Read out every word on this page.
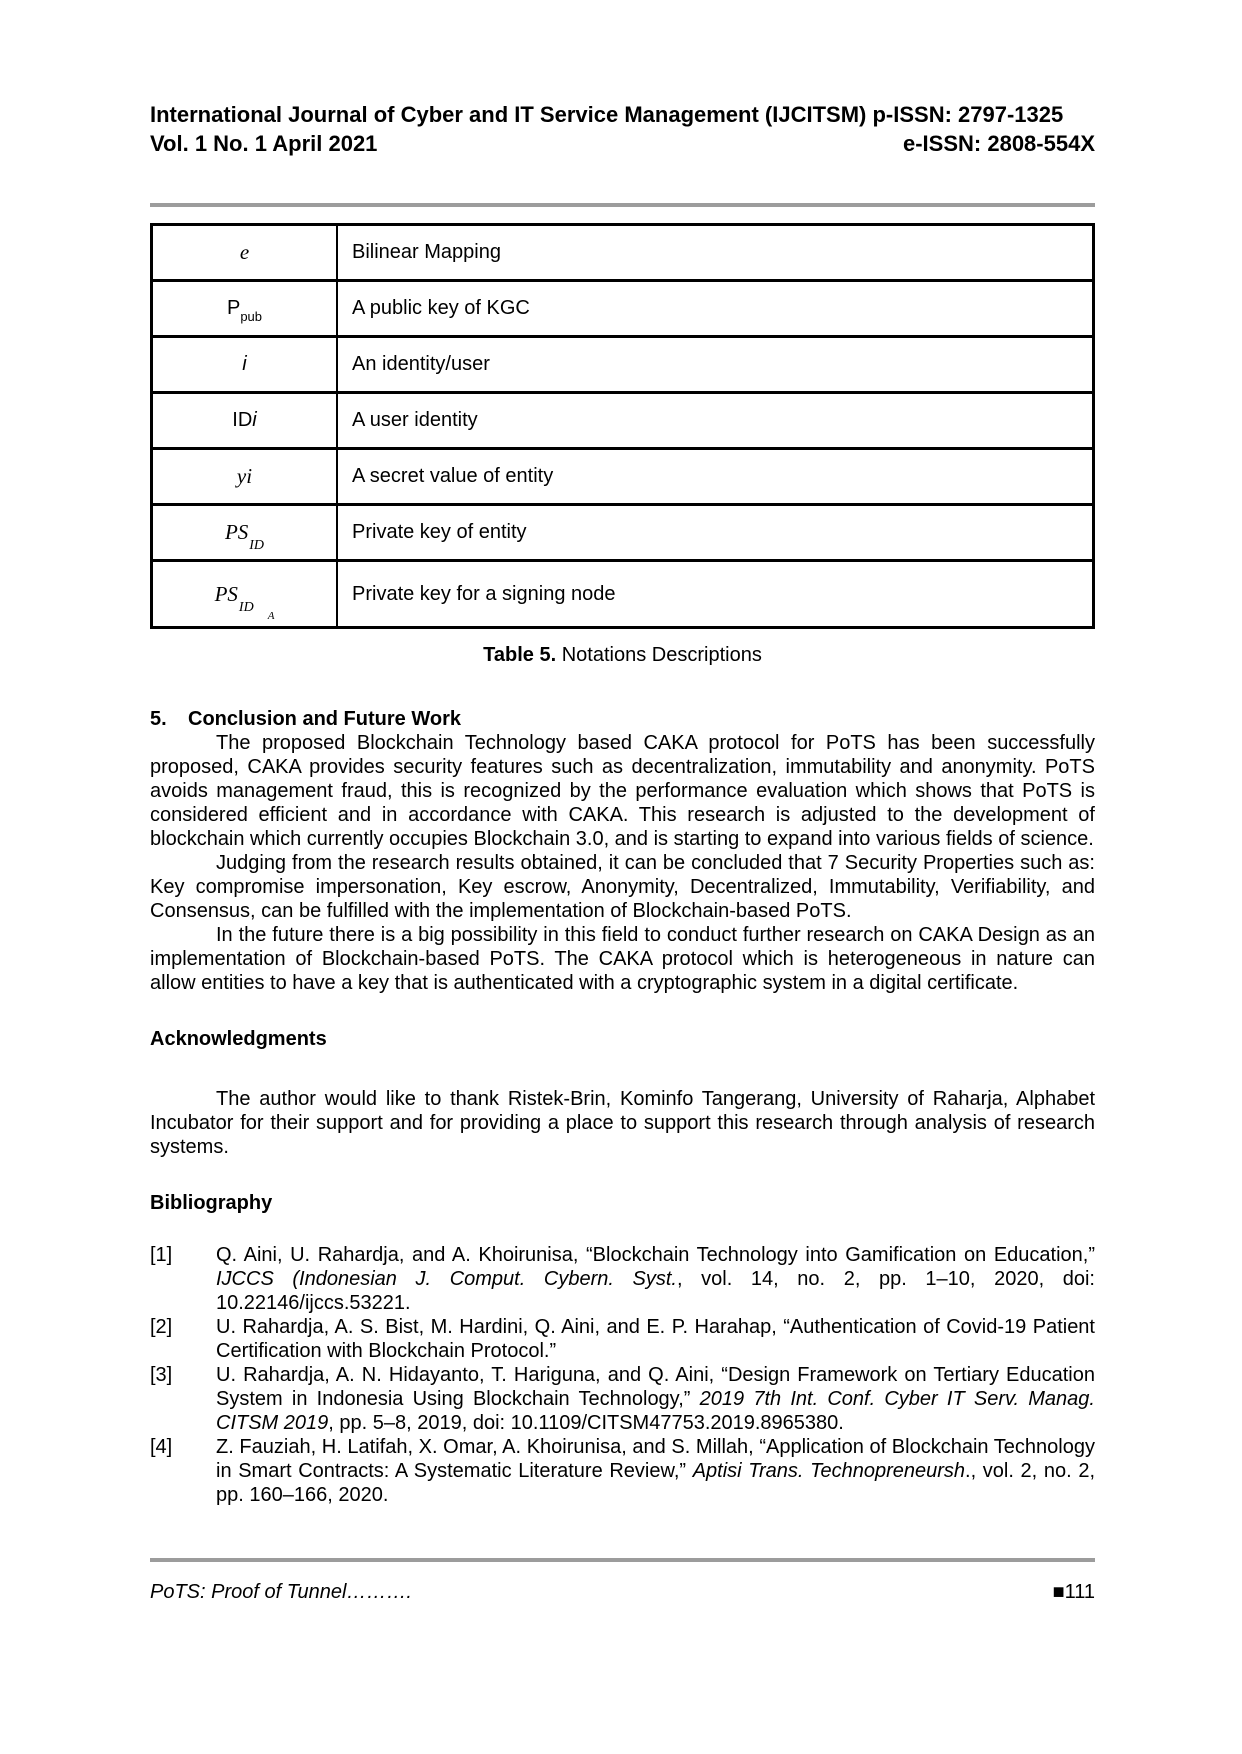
International Journal of Cyber and IT Service Management (IJCITSM) p-ISSN: 2797-1325
Vol. 1 No. 1 April 2021	e-ISSN: 2808-554X
e	Bilinear Mapping
$P_{pub}$	A public key of KGC
i	An identity/user
IDi	A user identity
yi	A secret value of entity
$PS_{ID}$	Private key of entity
$PS_{IDA}$	Private key for a signing node
Table 5. Notations Descriptions
5. Conclusion and Future Work

The proposed Blockchain Technology based CAKA protocol for PoTS has been successfully proposed, CAKA provides security features such as decentralization, immutability and anonymity. PoTS avoids management fraud, this is recognized by the performance evaluation which shows that PoTS is considered efficient and in accordance with CAKA. This research is adjusted to the development of blockchain which currently occupies Blockchain 3.0, and is starting to expand into various fields of science.

Judging from the research results obtained, it can be concluded that 7 Security Properties such as: Key compromise impersonation, Key escrow, Anonymity, Decentralized, Immutability, Verifiability, and Consensus, can be fulfilled with the implementation of Blockchain-based PoTS.

In the future there is a big possibility in this field to conduct further research on CAKA Design as an implementation of Blockchain-based PoTS. The CAKA protocol which is heterogeneous in nature can allow entities to have a key that is authenticated with a cryptographic system in a digital certificate.

Acknowledgments

The author would like to thank Ristek-Brin, Kominfo Tangerang, University of Raharja, Alphabet Incubator for their support and for providing a place to support this research through analysis of research systems.

Bibliography
[1] Q. Aini, U. Rahardja, and A. Khoirunisa, “Blockchain Technology into Gamification on Education,” IJCCS (Indonesian J. Comput. Cybern. Syst., vol. 14, no. 2, pp. 1–10, 2020, doi: 10.22146/ijccs.53221.
[2] U. Rahardja, A. S. Bist, M. Hardini, Q. Aini, and E. P. Harahap, “Authentication of Covid-19 Patient Certification with Blockchain Protocol.”
[3] U. Rahardja, A. N. Hidayanto, T. Hariguna, and Q. Aini, “Design Framework on Tertiary Education System in Indonesia Using Blockchain Technology,” 2019 7th Int. Conf. Cyber IT Serv. Manag. CITSM 2019, pp. 5–8, 2019, doi: 10.1109/CITSM47753.2019.8965380.
[4] Z. Fauziah, H. Latifah, X. Omar, A. Khoirunisa, and S. Millah, “Application of Blockchain Technology in Smart Contracts: A Systematic Literature Review,” Aptisi Trans. Technopreneursh., vol. 2, no. 2, pp. 160–166, 2020.
PoTS: Proof of Tunnel……….	■111
